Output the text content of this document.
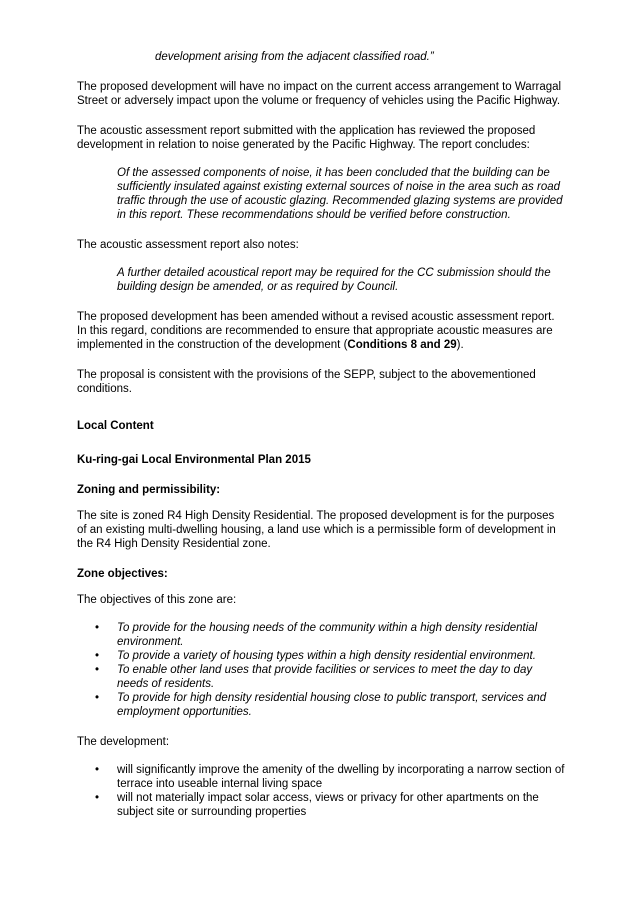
development arising from the adjacent classified road.”

The proposed development will have no impact on the current access arrangement to Warragal Street or adversely impact upon the volume or frequency of vehicles using the Pacific Highway.

The acoustic assessment report submitted with the application has reviewed the proposed development in relation to noise generated by the Pacific Highway. The report concludes:

Of the assessed components of noise, it has been concluded that the building can be sufficiently insulated against existing external sources of noise in the area such as road traffic through the use of acoustic glazing. Recommended glazing systems are provided in this report. These recommendations should be verified before construction.

The acoustic assessment report also notes:

A further detailed acoustical report may be required for the CC submission should the building design be amended, or as required by Council.

The proposed development has been amended without a revised acoustic assessment report. In this regard, conditions are recommended to ensure that appropriate acoustic measures are implemented in the construction of the development (Conditions 8 and 29).

The proposal is consistent with the provisions of the SEPP, subject to the abovementioned conditions.

Local Content

Ku-ring-gai Local Environmental Plan 2015

Zoning and permissibility:

The site is zoned R4 High Density Residential. The proposed development is for the purposes of an existing multi-dwelling housing, a land use which is a permissible form of development in the R4 High Density Residential zone.

Zone objectives:

The objectives of this zone are:

• To provide for the housing needs of the community within a high density residential environment.
• To provide a variety of housing types within a high density residential environment.
• To enable other land uses that provide facilities or services to meet the day to day needs of residents.
• To provide for high density residential housing close to public transport, services and employment opportunities.

The development:

• will significantly improve the amenity of the dwelling by incorporating a narrow section of terrace into useable internal living space
• will not materially impact solar access, views or privacy for other apartments on the subject site or surrounding properties
